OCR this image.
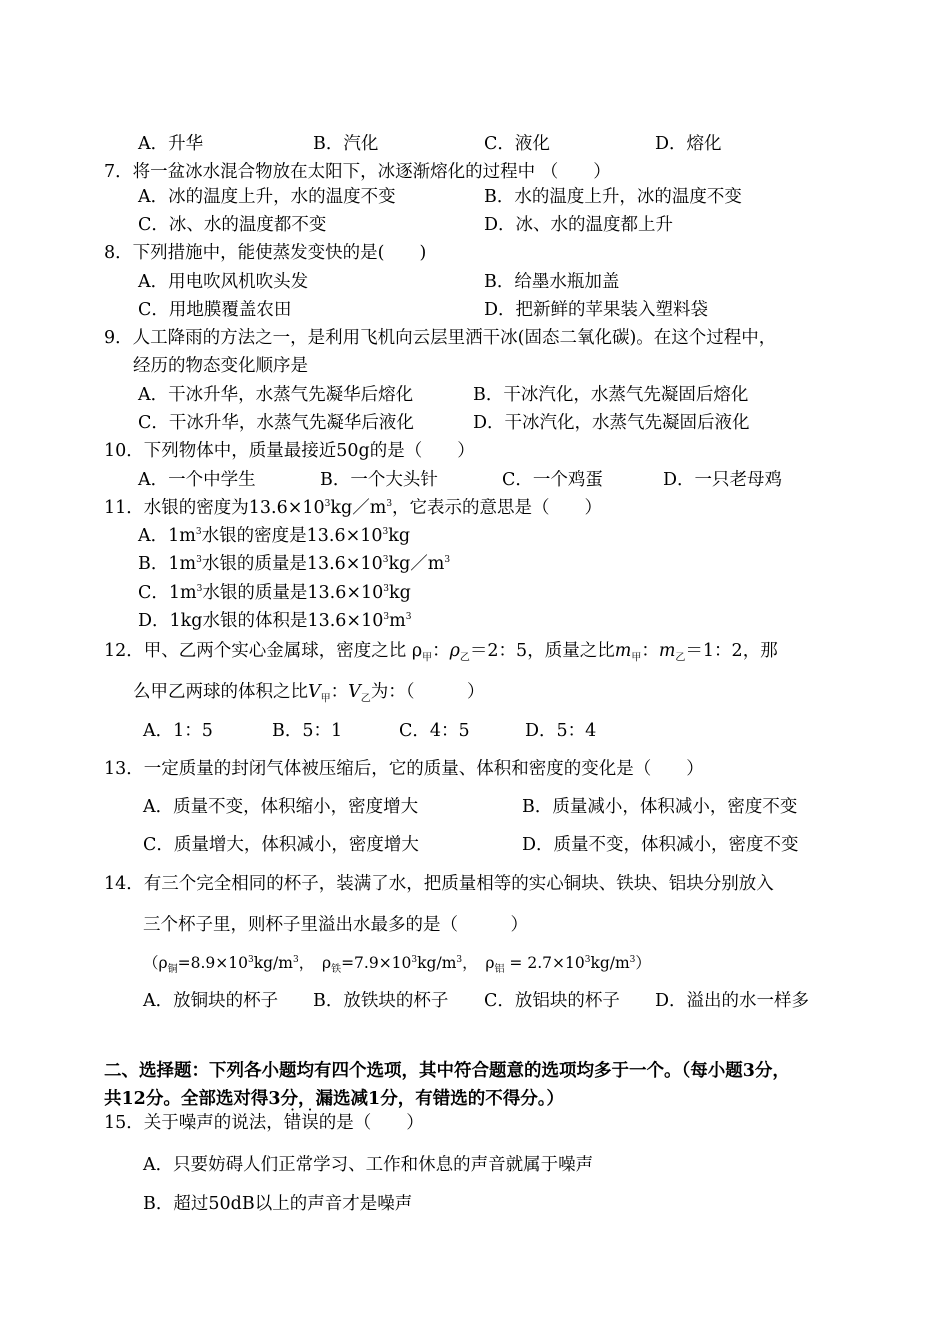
A．升华	B．汽化	C．液化	D．熔化
7．将一盆冰水混合物放在太阳下，冰逐渐熔化的过程中 （　　）
A．冰的温度上升，水的温度不变	B．水的温度上升，冰的温度不变
C．冰、水的温度都不变	D．冰、水的温度都上升
8．下列措施中，能使蒸发变快的是(　　)
A．用电吹风机吹头发	B．给墨水瓶加盖
C．用地膜覆盖农田	D．把新鲜的苹果装入塑料袋
9．人工降雨的方法之一，是利用飞机向云层里洒干冰(固态二氧化碳)。在这个过程中，
经历的物态变化顺序是
A．干冰升华，水蒸气先凝华后熔化	B．干冰汽化，水蒸气先凝固后熔化
C．干冰升华，水蒸气先凝华后液化	D．干冰汽化，水蒸气先凝固后液化
10．下列物体中，质量最接近50g的是（　　）
A．一个中学生	B．一个大头针	C．一个鸡蛋	D．一只老母鸡
11．水银的密度为$13.6\times 10^3kg/m^3$，它表示的意思是（　　）
A．$1m^3$水银的密度是$13.6\times 10^3kg$
B．$1m^3$水银的质量是$13.6\times 10^3kg/m^3$
C．$1m^3$水银的质量是$13.6\times 10^3kg$
D．1kg水银的体积是$13.6\times 10^3m^3$
12．甲、乙两个实心金属球，密度之比 $\rho_甲$：$\rho_乙=2$：5，质量之比$m_甲$：$m_乙=1$：2，那
么甲乙两球的体积之比$V_甲$：$V_乙$为：（　　　）
A．1：5	B．5：1	C．4：5	D．5：4
13．一定质量的封闭气体被压缩后，它的质量、体积和密度的变化是（　　）
A．质量不变，体积缩小，密度增大	B．质量减小，体积减小，密度不变
C．质量增大，体积减小，密度增大	D．质量不变，体积减小，密度不变
14．有三个完全相同的杯子，装满了水，把质量相等的实心铜块、铁块、铝块分别放入
三个杯子里，则杯子里溢出水最多的是（　　　）
（$\rho_铜=8.9\times 10^3kg/m^3$，　$\rho_铁=7.9\times 10^3kg/m^3$，　$\rho_铝 = 2.7\times 10^3kg/m^3$）
A．放铜块的杯子 B．放铁块的杯子 C．放铝块的杯子 D．溢出的水一样多
二、选择题：下列各小题均有四个选项，其中符合题意的选项均多于一个。（每小题3分，
共12分。全部选对得3分，漏选减1分，有错选的不得分。）
15．关于噪声的说法，错误的是（　　）
A．只要妨碍人们正常学习、工作和休息的声音就属于噪声
B．超过50dB以上的声音才是噪声
